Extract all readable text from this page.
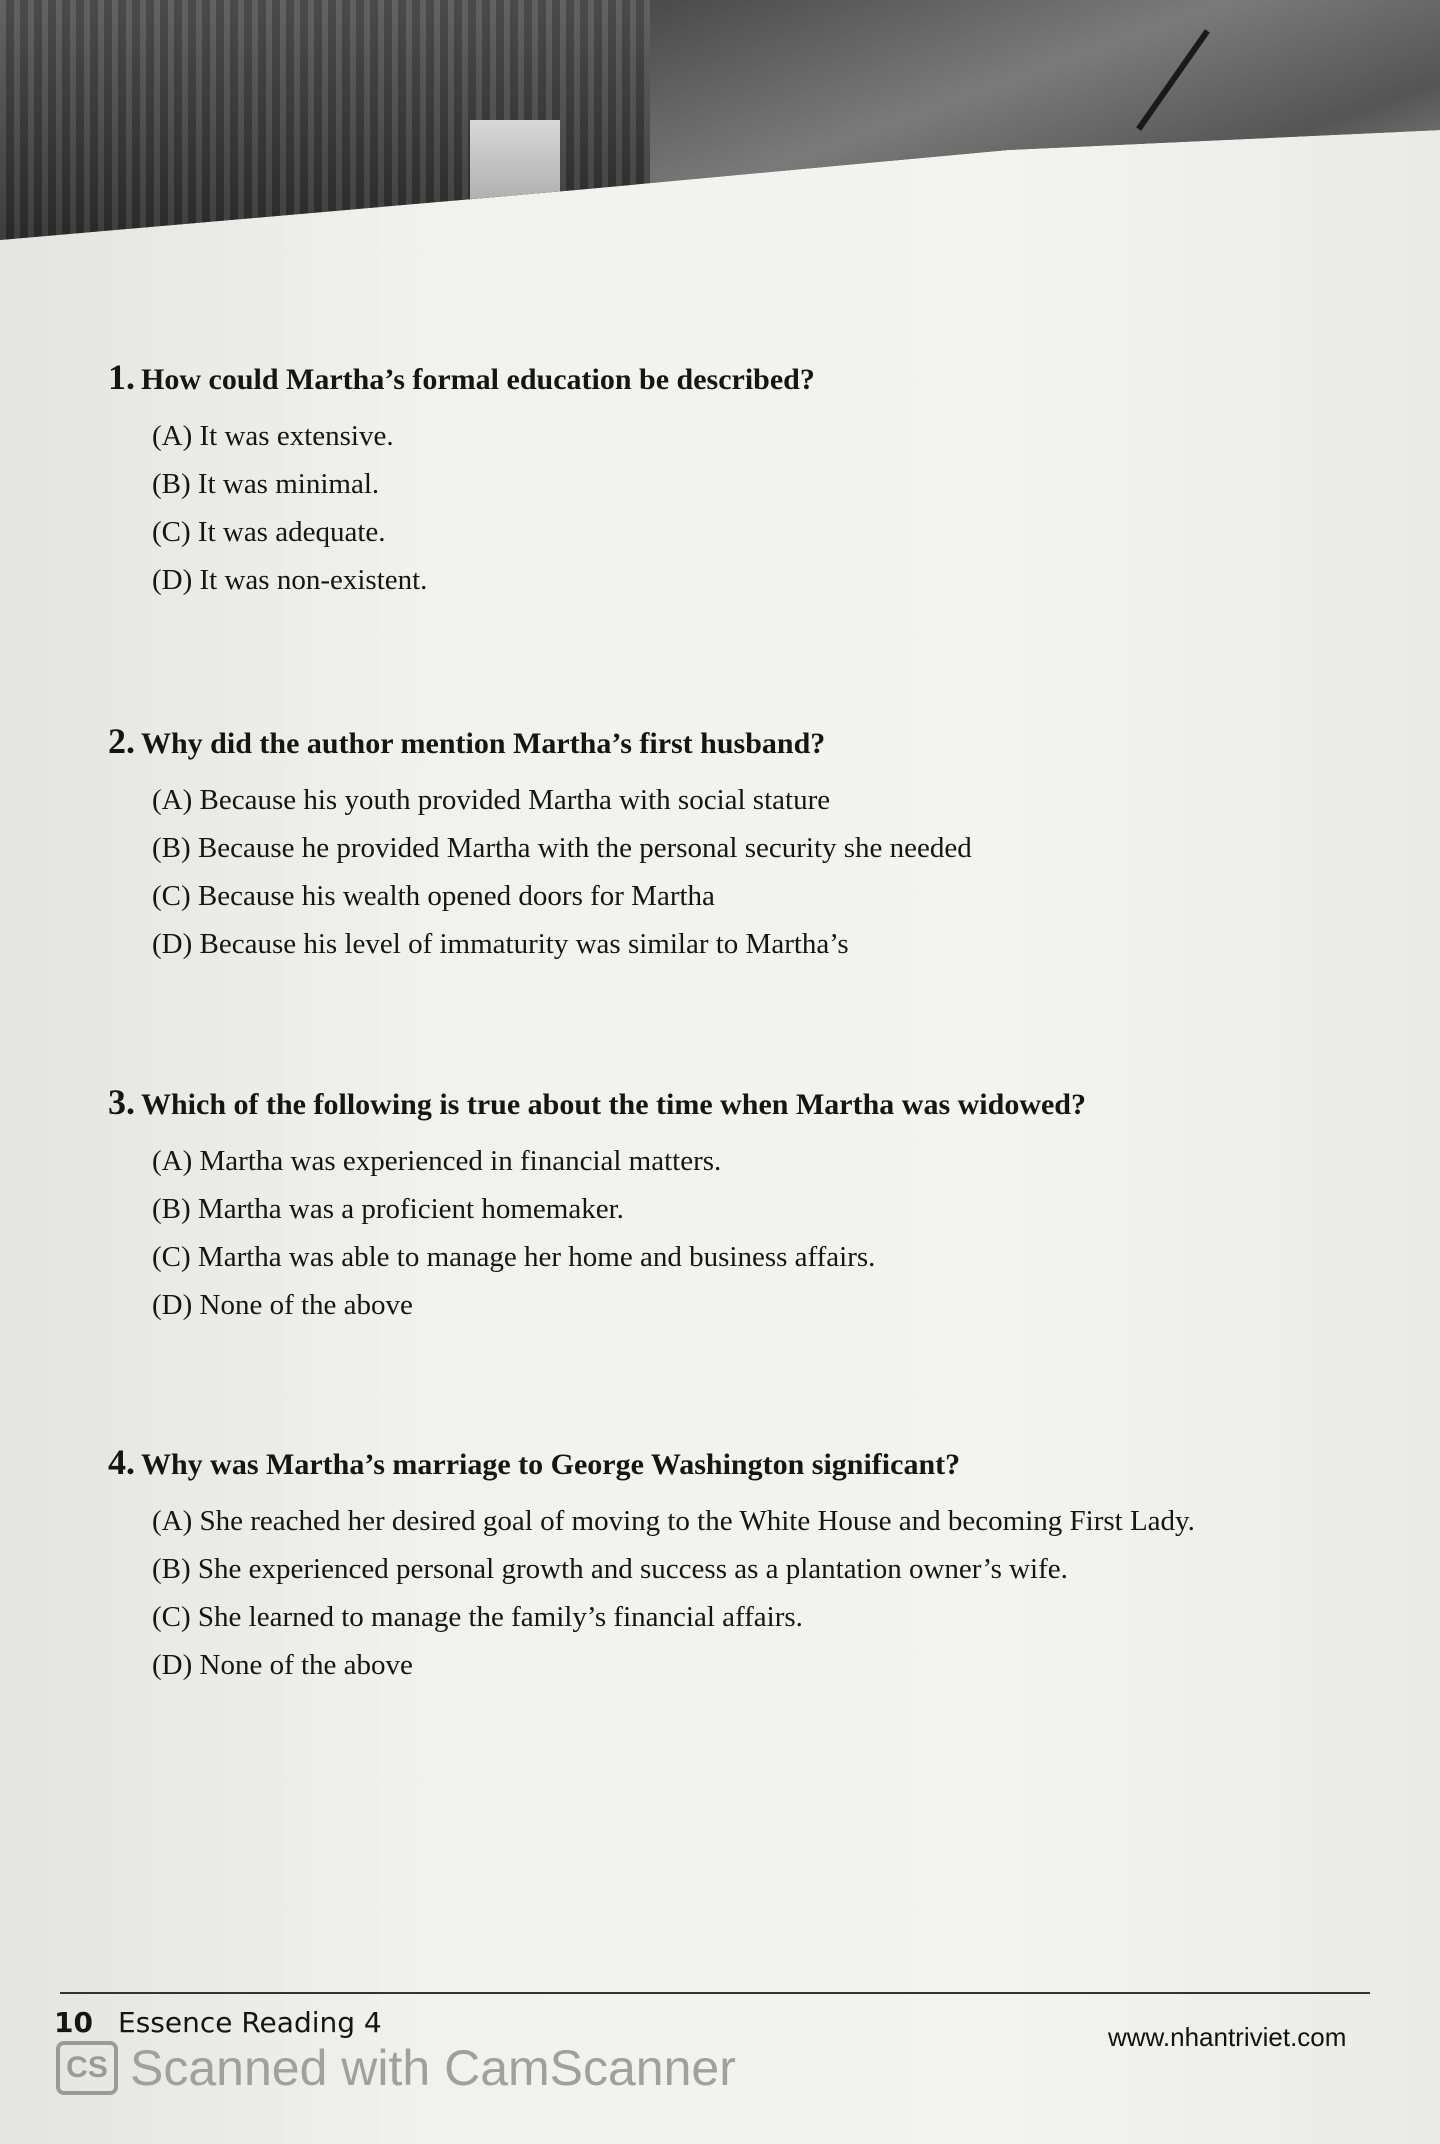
1. How could Martha’s formal education be described?
(A) It was extensive.
(B) It was minimal.
(C) It was adequate.
(D) It was non-existent.
2. Why did the author mention Martha’s first husband?
(A) Because his youth provided Martha with social stature
(B) Because he provided Martha with the personal security she needed
(C) Because his wealth opened doors for Martha
(D) Because his level of immaturity was similar to Martha’s
3. Which of the following is true about the time when Martha was widowed?
(A) Martha was experienced in financial matters.
(B) Martha was a proficient homemaker.
(C) Martha was able to manage her home and business affairs.
(D) None of the above
4. Why was Martha’s marriage to George Washington significant?
(A) She reached her desired goal of moving to the White House and becoming First Lady.
(B) She experienced personal growth and success as a plantation owner’s wife.
(C) She learned to manage the family’s financial affairs.
(D) None of the above
10 Essence Reading 4	www.nhantriviet.com
CS Scanned with CamScanner
